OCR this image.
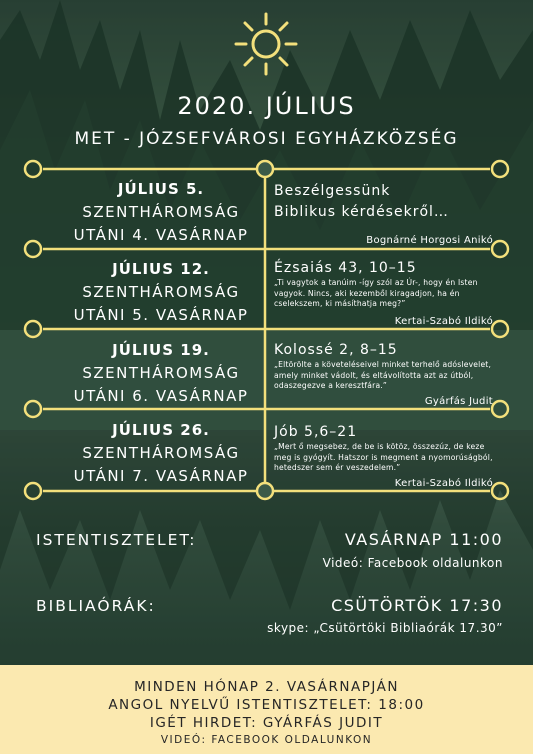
2020. JÚLIUS
MET - JÓZSEFVÁROSI EGYHÁZKÖZSÉG
JÚLIUS 5.
SZENTHÁROMSÁG
UTÁNI 4. VASÁRNAP
Beszélgessünk
Biblikus kérdésekről…
Bognárné Horgosi Anikó
JÚLIUS 12.
SZENTHÁROMSÁG
UTÁNI 5. VASÁRNAP
Ézsaiás 43, 10–15
„Ti vagytok a tanúim -így szól az Úr-, hogy én Isten vagyok. Nincs, aki kezemből kiragadjon, ha én cselekszem, ki másíthatja meg?”
Kertai-Szabó Ildikó
JÚLIUS 19.
SZENTHÁROMSÁG
UTÁNI 6. VASÁRNAP
Kolossé 2, 8–15
„Eltörölte a követeléseivel minket terhelő adóslevelet, amely minket vádolt, és eltávolította azt az útból, odaszegezve a keresztfára.”
Gyárfás Judit
JÚLIUS 26.
SZENTHÁROMSÁG
UTÁNI 7. VASÁRNAP
Jób 5,6–21
„Mert ő megsebez, de be is kötöz, összezúz, de keze meg is gyógyít. Hatszor is megment a nyomorúságból, hetedszer sem ér veszedelem.”
Kertai-Szabó Ildikó
ISTENTISZTELET:	VASÁRNAP 11:00
Videó: Facebook oldalunkon
BIBLIAÓRÁK:	CSÜTÖRTÖK 17:30
skype: „Csütörtöki Bibliaórák 17.30”
MINDEN HÓNAP 2. VASÁRNAPJÁN
ANGOL NYELVŰ ISTENTISZTELET: 18:00
IGÉT HIRDET: GYÁRFÁS JUDIT
VIDEÓ: FACEBOOK OLDALUNKON
